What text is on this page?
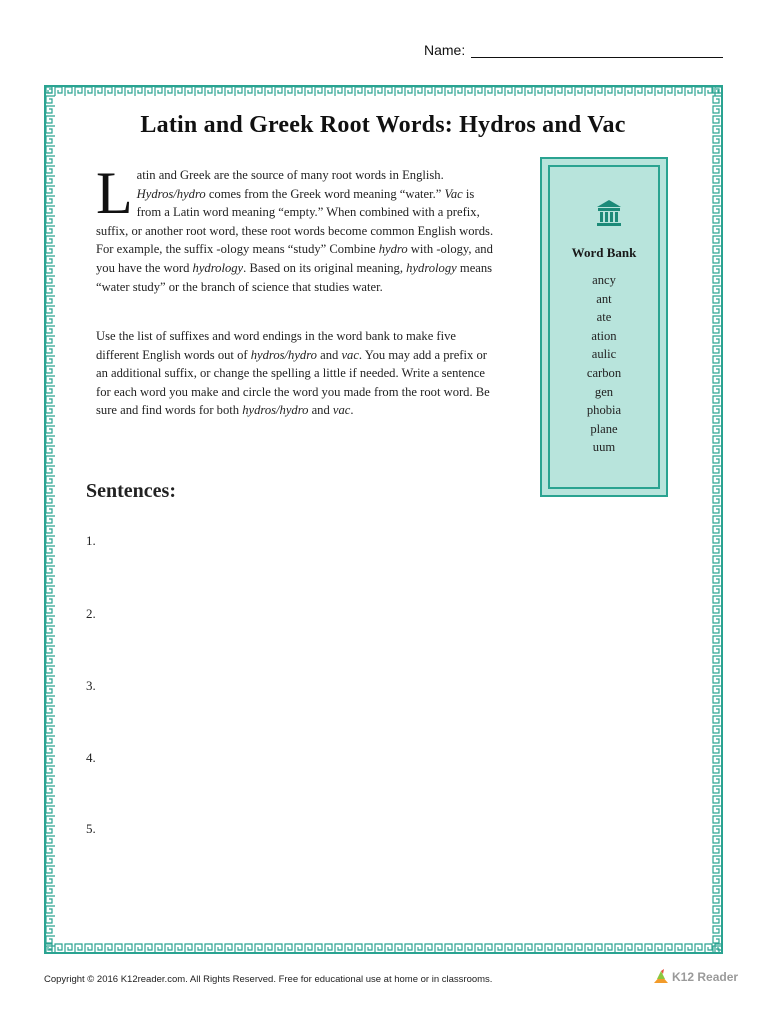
Name:
Latin and Greek Root Words: Hydros and Vac

Latin and Greek are the source of many root words in English. Hydros/hydro comes from the Greek word meaning “water.” Vac is from a Latin word meaning “empty.” When combined with a prefix, suffix, or another root word, these root words become common English words. For example, the suffix -ology means “study” Combine hydro with -ology, and you have the word hydrology. Based on its original meaning, hydrology means “water study” or the branch of science that studies water.

Use the list of suffixes and word endings in the word bank to make five different English words out of hydros/hydro and vac. You may add a prefix or an additional suffix, or change the spelling a little if needed. Write a sentence for each word you make and circle the word you made from the root word. Be sure and find words for both hydros/hydro and vac.

Word Bank
ancy
ant
ate
ation
aulic
carbon
gen
phobia
plane
uum
Sentences:
1.
2.
3.
4.
5.
Copyright © 2016 K12reader.com. All Rights Reserved. Free for educational use at home or in classrooms.	K12 Reader
